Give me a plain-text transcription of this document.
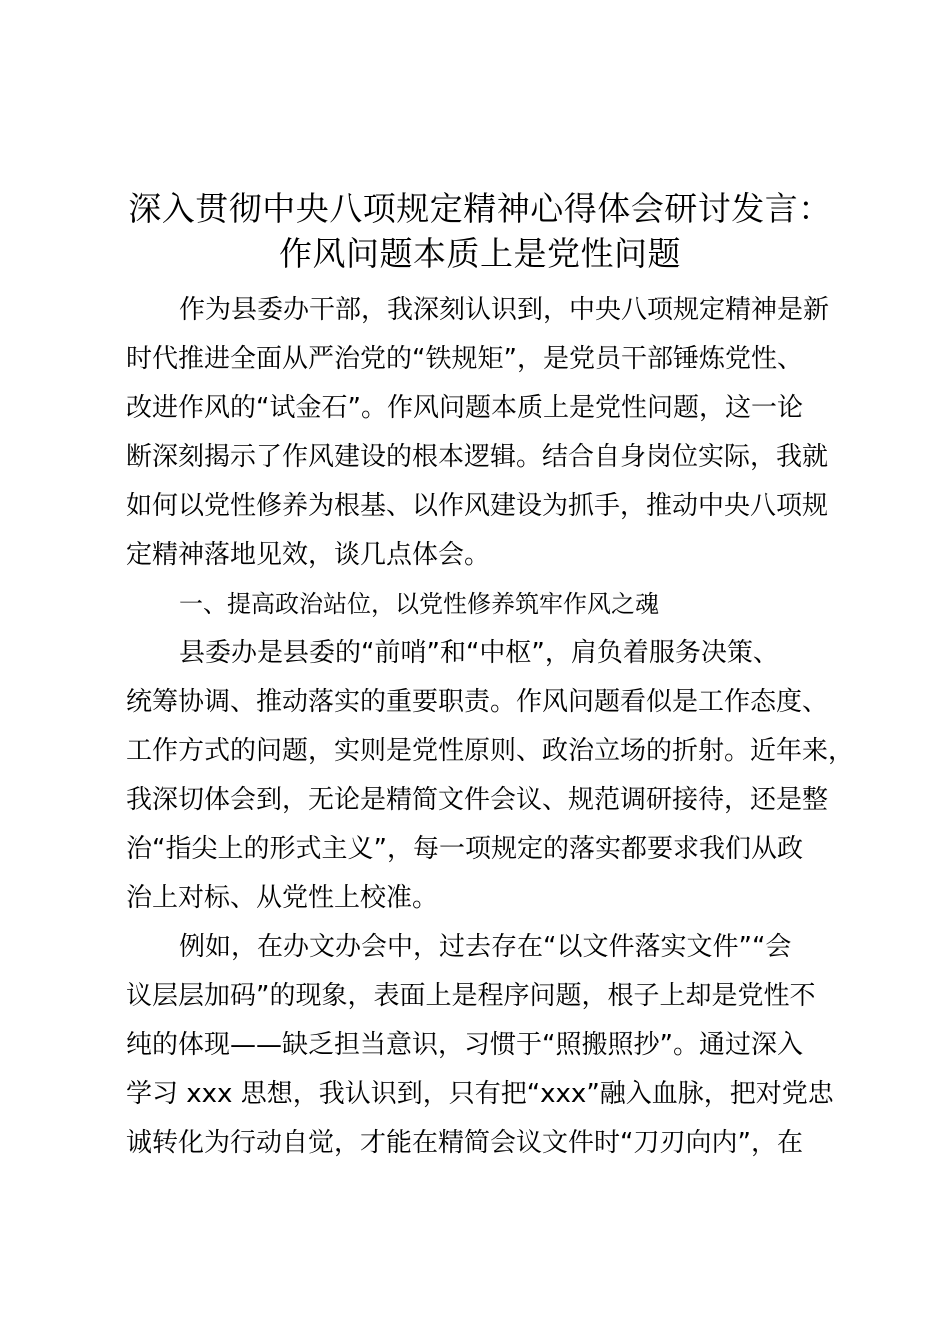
深入贯彻中央八项规定精神心得体会研讨发言：
作风问题本质上是党性问题
作为县委办干部，我深刻认识到，中央八项规定精神是新
时代推进全面从严治党的“铁规矩”，是党员干部锤炼党性、
改进作风的“试金石”。作风问题本质上是党性问题，这一论
断深刻揭示了作风建设的根本逻辑。结合自身岗位实际，我就
如何以党性修养为根基、以作风建设为抓手，推动中央八项规
定精神落地见效，谈几点体会。
一、提高政治站位，以党性修养筑牢作风之魂
县委办是县委的“前哨”和“中枢”，肩负着服务决策、
统筹协调、推动落实的重要职责。作风问题看似是工作态度、
工作方式的问题，实则是党性原则、政治立场的折射。近年来，
我深切体会到，无论是精简文件会议、规范调研接待，还是整
治“指尖上的形式主义”，每一项规定的落实都要求我们从政
治上对标、从党性上校准。
例如，在办文办会中，过去存在“以文件落实文件”“会
议层层加码”的现象，表面上是程序问题，根子上却是党性不
纯的体现——缺乏担当意识，习惯于“照搬照抄”。通过深入
学习 xxx 思想，我认识到，只有把“xxx”融入血脉，把对党忠
诚转化为行动自觉，才能在精简会议文件时“刀刃向内”，在
